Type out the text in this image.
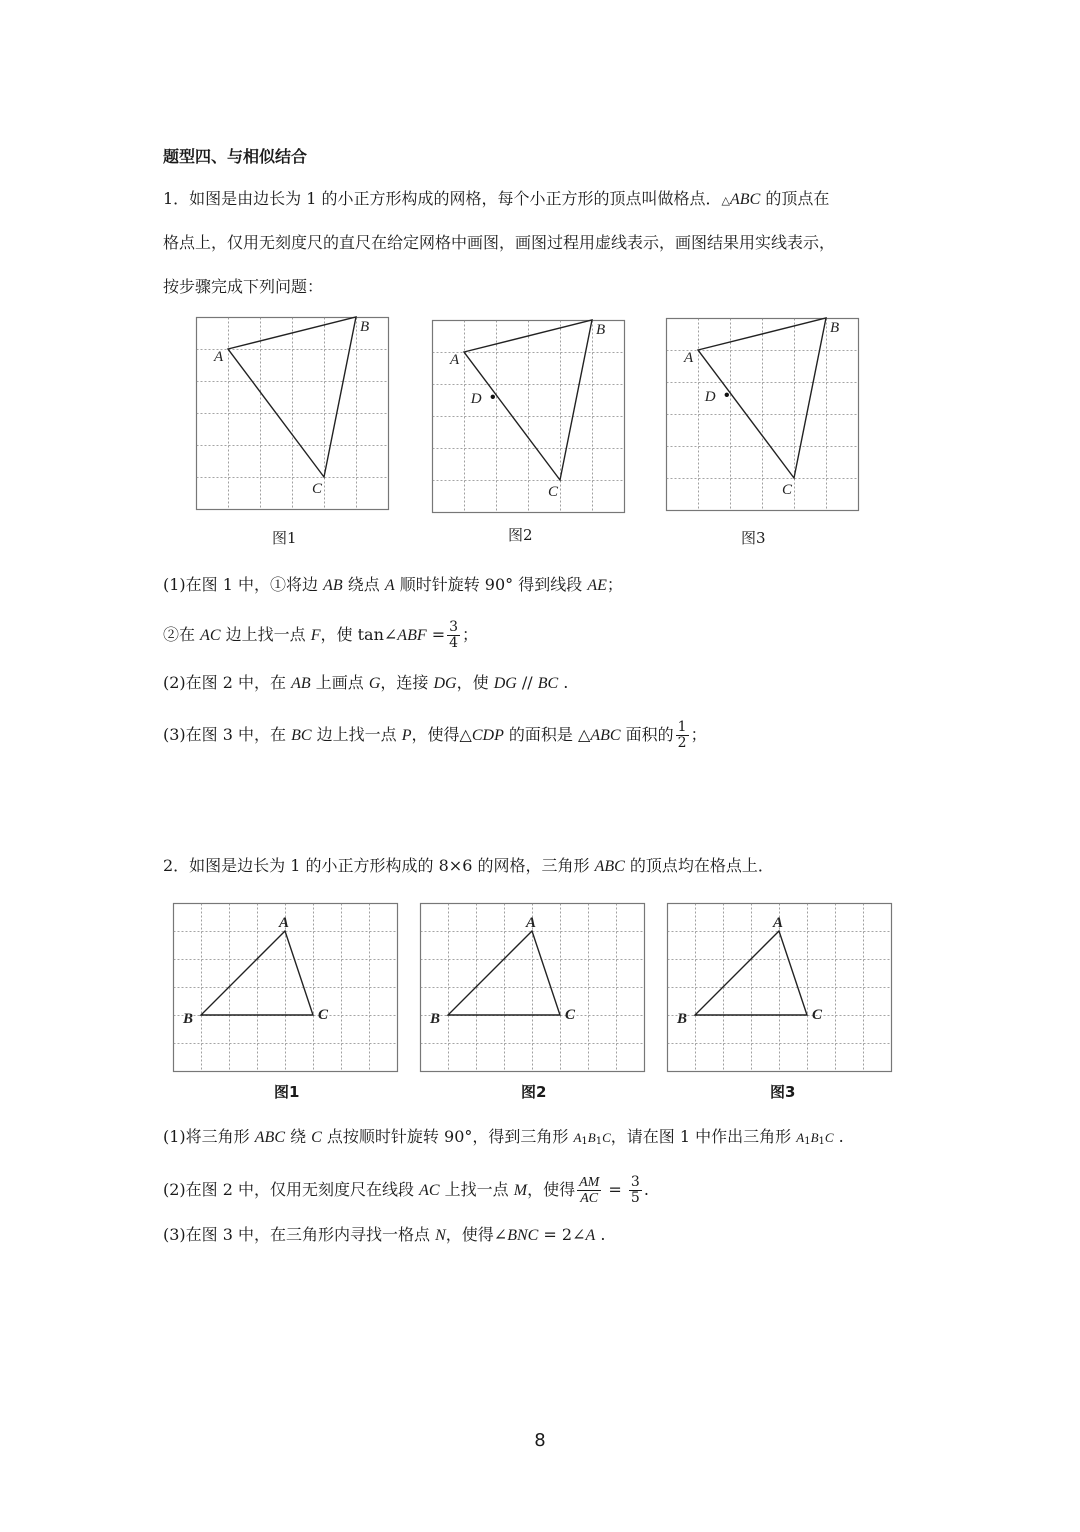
题型四、与相似结合
1．如图是由边长为 1 的小正方形构成的网格，每个小正方形的顶点叫做格点．△ABC 的顶点在
格点上，仅用无刻度尺的直尺在给定网格中画图，画图过程用虚线表示，画图结果用实线表示，
按步骤完成下列问题：
A
B
C
A
B
C
D
A
B
C
D
图1	图2	图3
(1)在图 1 中，①将边 AB 绕点 A 顺时针旋转 90° 得到线段 AE；
②在 AC 边上找一点 F，使 tan∠ABF = $\frac{3}{4}$ ；
(2)在图 2 中，在 AB 上画点 G，连接 DG，使 DG // BC .
(3)在图 3 中，在 BC 边上找一点 P，使得△CDP 的面积是 △ABC 面积的 $\frac{1}{2}$ ；
2．如图是边长为 1 的小正方形构成的 8×6 的网格，三角形 ABC 的顶点均在格点上．
A
B	C
A
B	C
A
B	C
图1	图2	图3
(1)将三角形 ABC 绕 C 点按顺时针旋转 90°，得到三角形 $A_1B_1C$，请在图 1 中作出三角形 $A_1B_1C$ .
(2)在图 2 中，仅用无刻度尺在线段 AC 上找一点 M，使得 $\frac{AM}{AC} = \frac{3}{5}$ .
(3)在图 3 中，在三角形内寻找一格点 N，使得∠BNC = 2∠A .
8
